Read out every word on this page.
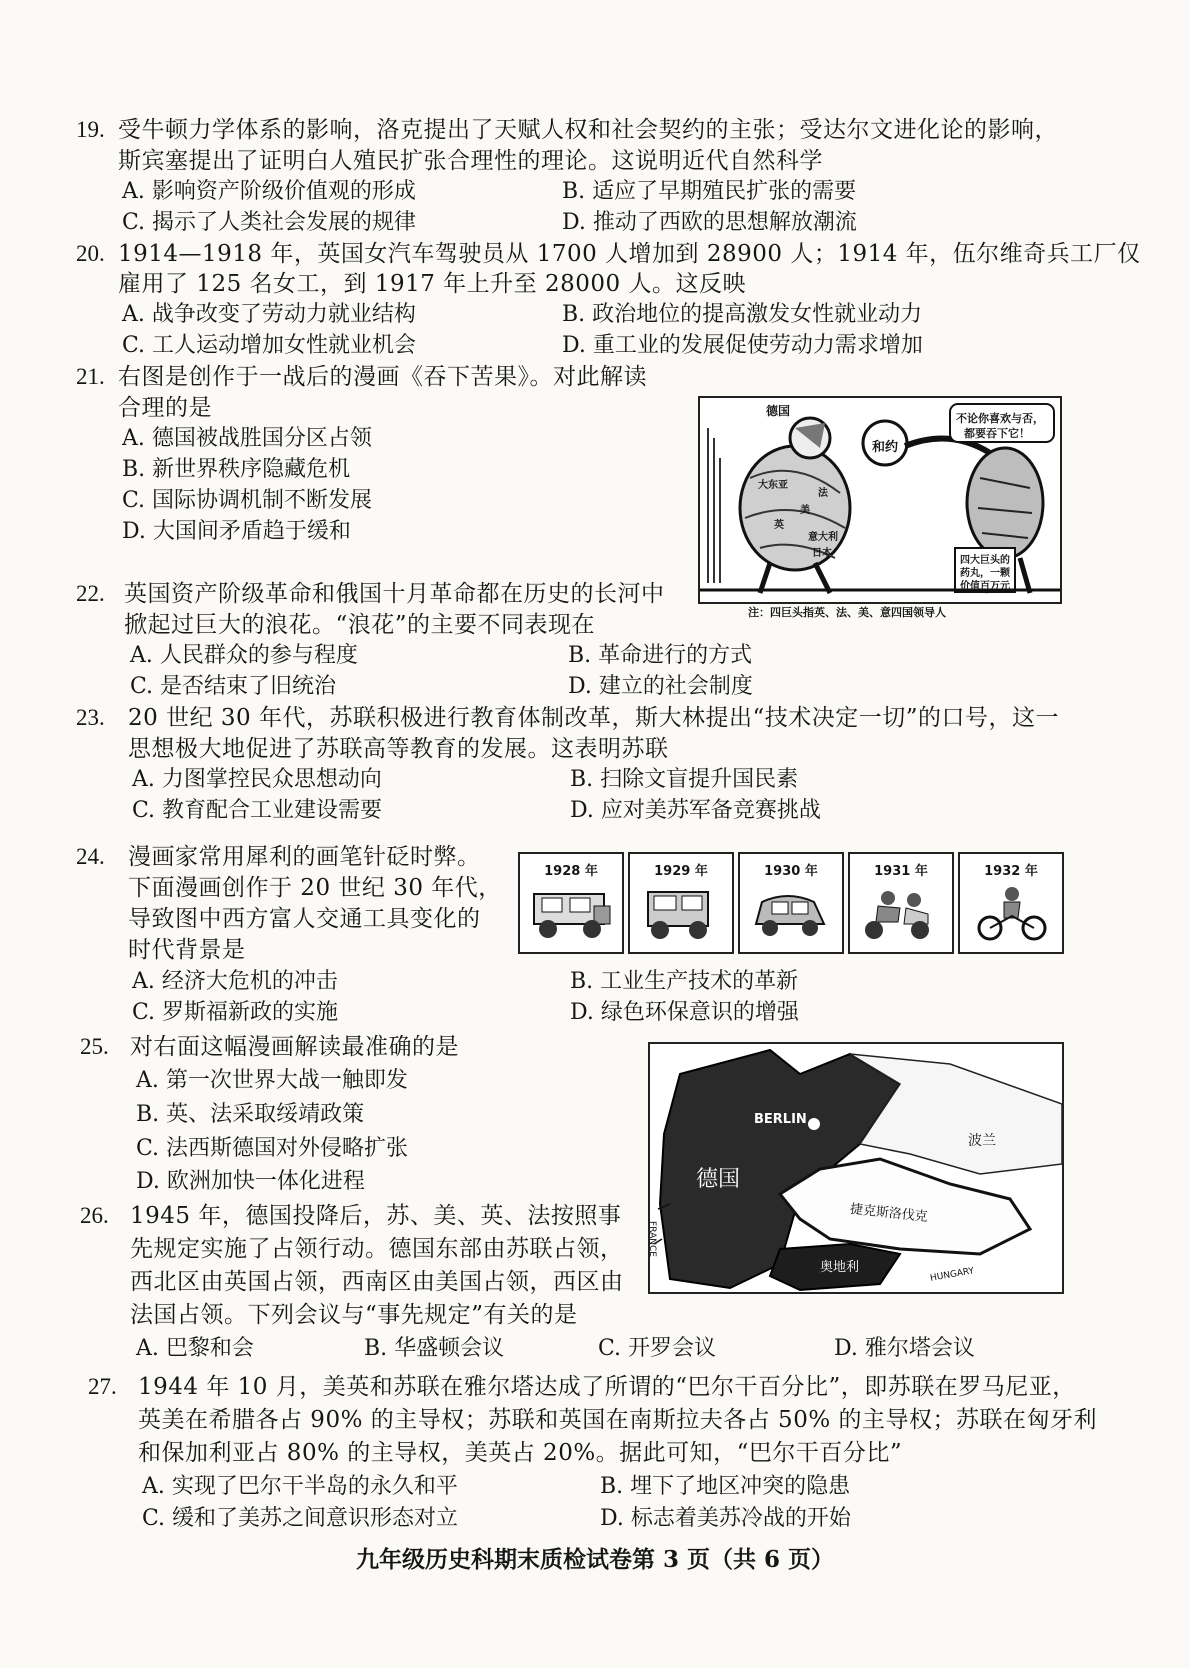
19. 受牛顿力学体系的影响，洛克提出了天赋人权和社会契约的主张；受达尔文进化论的影响，
斯宾塞提出了证明白人殖民扩张合理性的理论。这说明近代自然科学
A. 影响资产阶级价值观的形成	B. 适应了早期殖民扩张的需要
C. 揭示了人类社会发展的规律	D. 推动了西欧的思想解放潮流
20. 1914—1918 年，英国女汽车驾驶员从 1700 人增加到 28900 人；1914 年，伍尔维奇兵工厂仅
雇用了 125 名女工，到 1917 年上升至 28000 人。这反映
A. 战争改变了劳动力就业结构	B. 政治地位的提高激发女性就业动力
C. 工人运动增加女性就业机会	D. 重工业的发展促使劳动力需求增加
21. 右图是创作于一战后的漫画《吞下苦果》。对此解读
合理的是
A. 德国被战胜国分区占领
B. 新世界秩序隐藏危机
C. 国际协调机制不断发展
D. 大国间矛盾趋于缓和
德国
不论你喜欢与否，
都要吞下它！
和约
大东亚
法
美
英
意大利
日本
四大巨头的
药丸，一颗
价值百万元
注：四巨头指英、法、美、意四国领导人
22. 英国资产阶级革命和俄国十月革命都在历史的长河中
掀起过巨大的浪花。“浪花”的主要不同表现在
A. 人民群众的参与程度	B. 革命进行的方式
C. 是否结束了旧统治	D. 建立的社会制度
23. 20 世纪 30 年代，苏联积极进行教育体制改革，斯大林提出“技术决定一切”的口号，这一
思想极大地促进了苏联高等教育的发展。这表明苏联
A. 力图掌控民众思想动向	B. 扫除文盲提升国民素
C. 教育配合工业建设需要	D. 应对美苏军备竞赛挑战
24. 漫画家常用犀利的画笔针砭时弊。
下面漫画创作于 20 世纪 30 年代，
导致图中西方富人交通工具变化的
时代背景是
A. 经济大危机的冲击	B. 工业生产技术的革新
C. 罗斯福新政的实施	D. 绿色环保意识的增强
1928 年	1929 年	1930 年	1931 年	1932 年
25. 对右面这幅漫画解读最准确的是
A. 第一次世界大战一触即发
B. 英、法采取绥靖政策
C. 法西斯德国对外侵略扩张
D. 欧洲加快一体化进程
BERLIN
德国
波兰
捷克斯洛伐克
奥地利
FRANCE
HUNGARY
26. 1945 年，德国投降后，苏、美、英、法按照事
先规定实施了占领行动。德国东部由苏联占领，
西北区由英国占领，西南区由美国占领，西区由
法国占领。下列会议与“事先规定”有关的是
A. 巴黎和会	B. 华盛顿会议	C. 开罗会议	D. 雅尔塔会议
27. 1944 年 10 月，美英和苏联在雅尔塔达成了所谓的“巴尔干百分比”，即苏联在罗马尼亚，
英美在希腊各占 90% 的主导权；苏联和英国在南斯拉夫各占 50% 的主导权；苏联在匈牙利
和保加利亚占 80% 的主导权，美英占 20%。据此可知，“巴尔干百分比”
A. 实现了巴尔干半岛的永久和平	B. 埋下了地区冲突的隐患
C. 缓和了美苏之间意识形态对立	D. 标志着美苏冷战的开始
九年级历史科期末质检试卷第 3 页（共 6 页）
